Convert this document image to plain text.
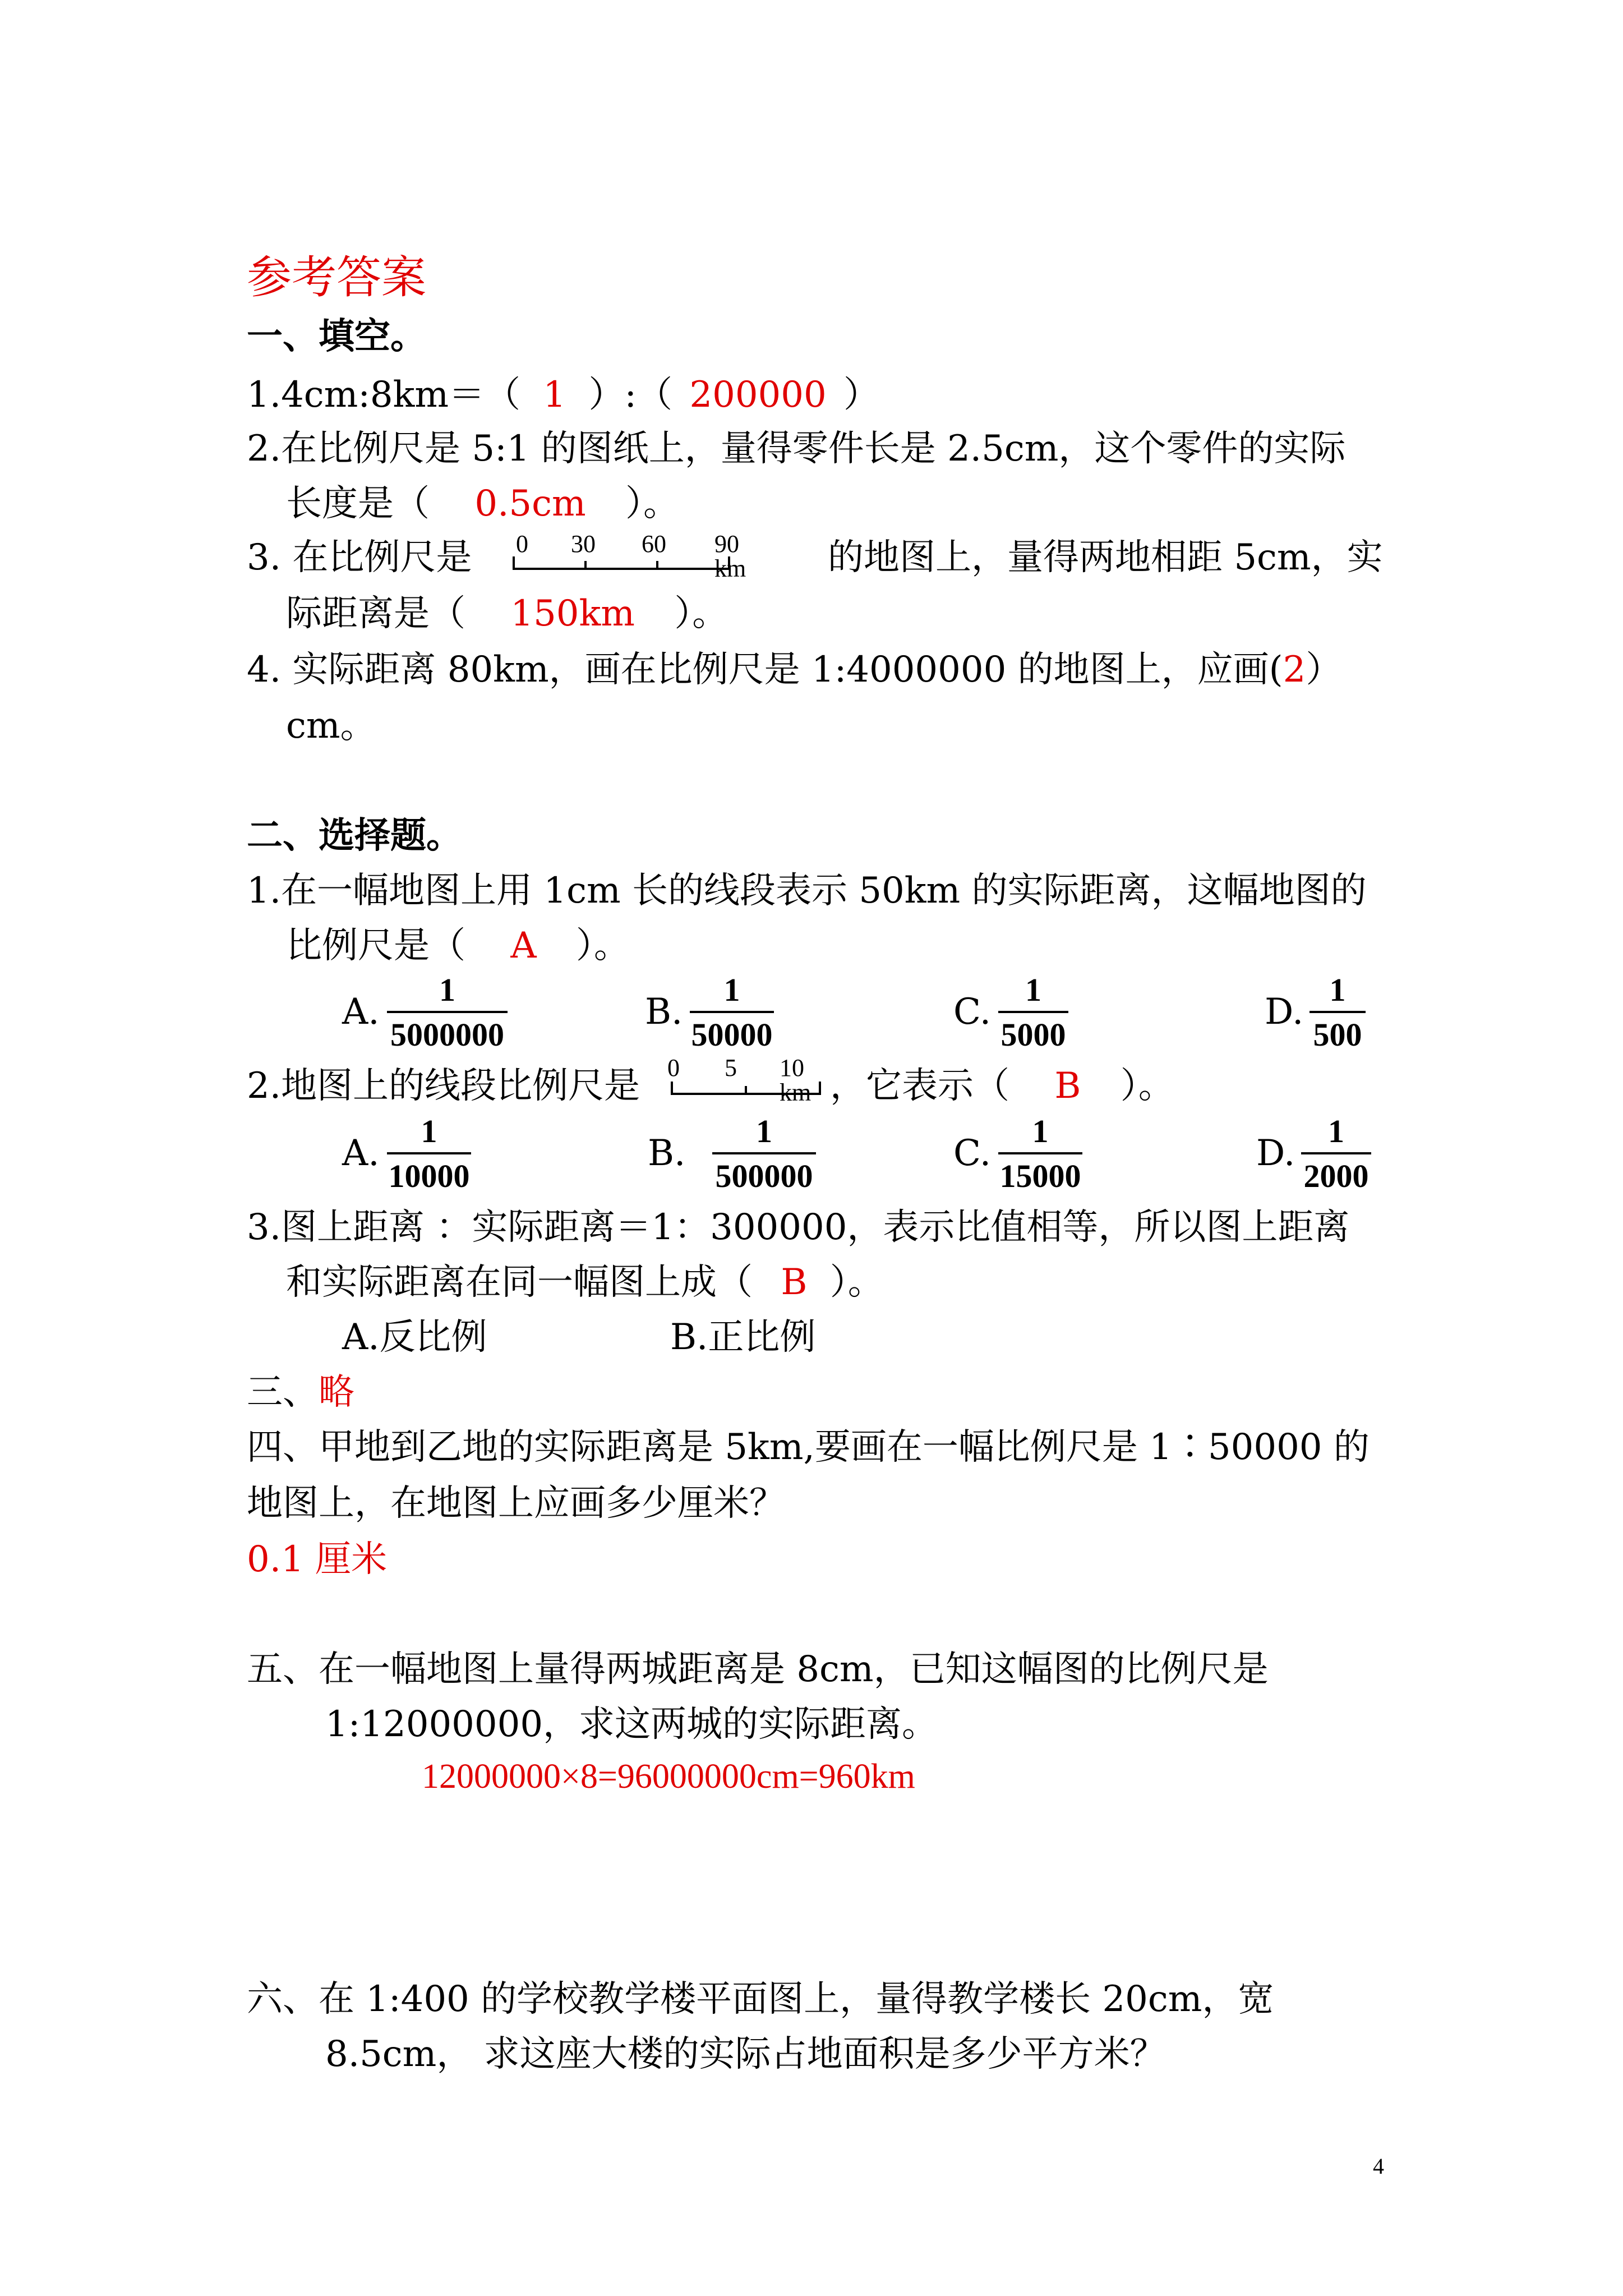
参考答案
一、填空。
1.4cm:8km＝（ 1 ）:（ 200000 ）
2.在比例尺是 5:1 的图纸上，量得零件长是 2.5cm，这个零件的实际
长度是（ 0.5cm ）。
3. 在比例尺是 0 30 60 90 km 的地图上，量得两地相距 5cm，实
际距离是（ 150km ）。
4. 实际距离 80km，画在比例尺是 1:4000000 的地图上，应画(2）
cm。
二、选择题。
1.在一幅地图上用 1cm 长的线段表示 50km 的实际距离，这幅地图的
比例尺是（ A ）。
A.
1
5000000
B.
1
50000
C.
1
5000
D.
1
500
2.地图上的线段比例尺是 0 5 10 km ，它表示（ B ）。
A.
1
10000
B.
1
500000
C.
1
15000
D.
1
2000
3.图上距离 ：实际距离＝1：300000，表示比值相等，所以图上距离
和实际距离在同一幅图上成（ B ）。
A.反比例	B.正比例
三、略
四、甲地到乙地的实际距离是 5km,要画在一幅比例尺是 1∶50000 的
地图上，在地图上应画多少厘米？
0.1 厘米
五、在一幅地图上量得两城距离是 8cm，已知这幅图的比例尺是
1:12000000，求这两城的实际距离。
12000000×8=96000000cm=960km
六、在 1:400 的学校教学楼平面图上，量得教学楼长 20cm，宽
8.5cm， 求这座大楼的实际占地面积是多少平方米？
4
